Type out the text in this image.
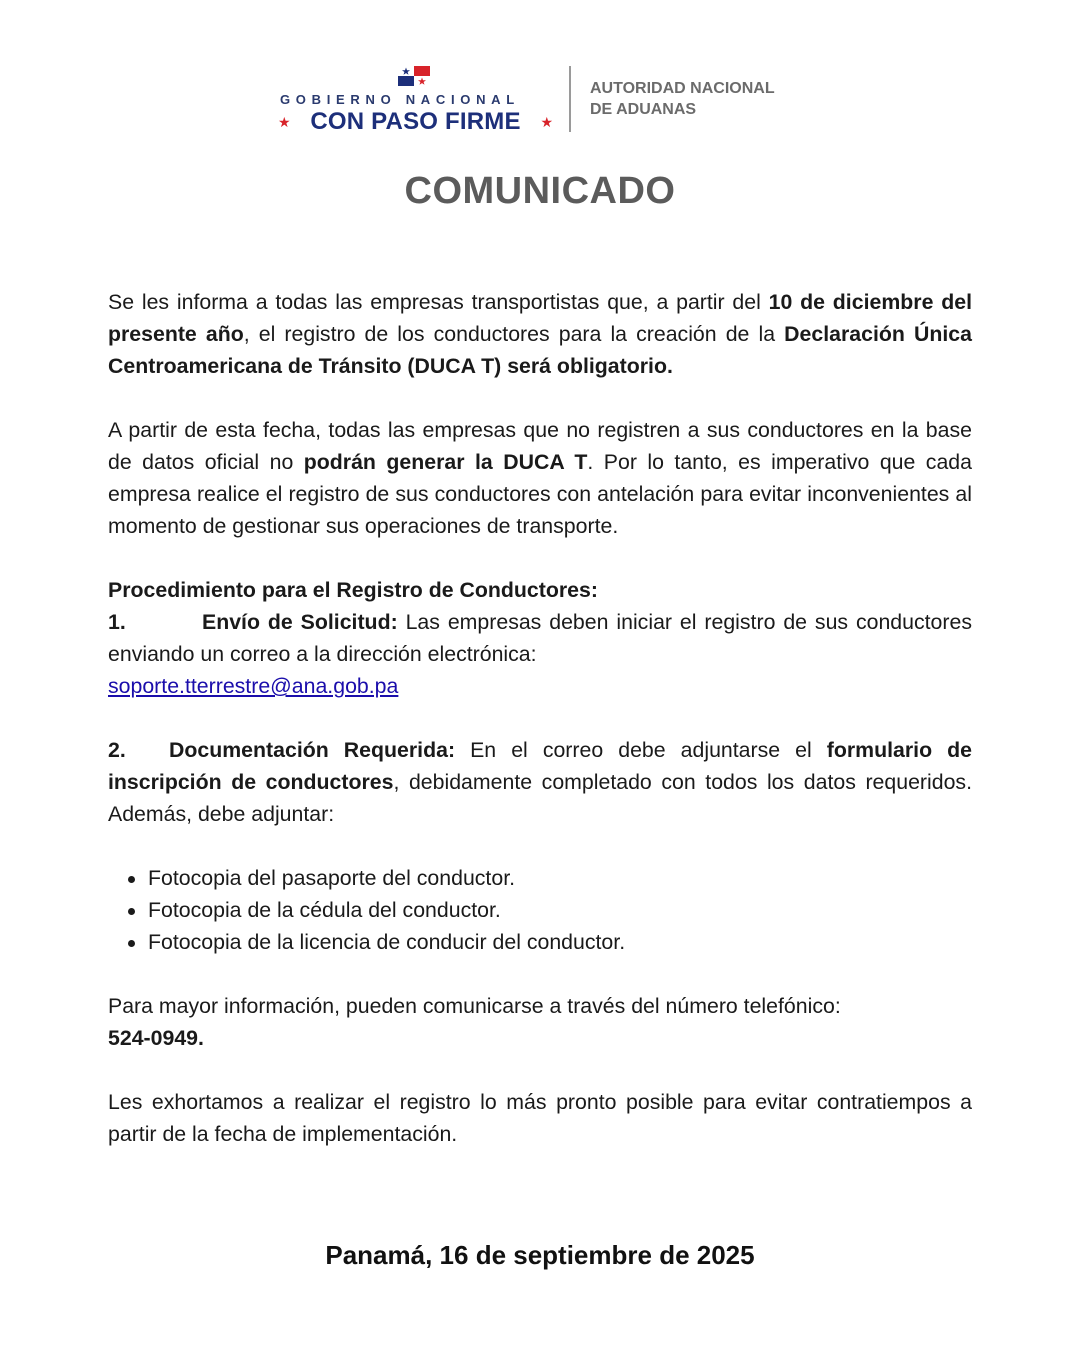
GOBIERNO NACIONAL
★ CON PASO FIRME ★
AUTORIDAD NACIONAL
DE ADUANAS
COMUNICADO

Se les informa a todas las empresas transportistas que, a partir del 10 de diciembre del presente año, el registro de los conductores para la creación de la Declaración Única Centroamericana de Tránsito (DUCA T) será obligatorio.

A partir de esta fecha, todas las empresas que no registren a sus conductores en la base de datos oficial no podrán generar la DUCA T. Por lo tanto, es imperativo que cada empresa realice el registro de sus conductores con antelación para evitar inconvenientes al momento de gestionar sus operaciones de transporte.

Procedimiento para el Registro de Conductores:

1.	Envío de Solicitud: Las empresas deben iniciar el registro de sus conductores enviando un correo a la dirección electrónica:

soporte.tterrestre@ana.gob.pa

2. Documentación Requerida: En el correo debe adjuntarse el formulario de inscripción de conductores, debidamente completado con todos los datos requeridos. Además, debe adjuntar:

Fotocopia del pasaporte del conductor.
Fotocopia de la cédula del conductor.
Fotocopia de la licencia de conducir del conductor.

Para mayor información, pueden comunicarse a través del número telefónico:

524-0949.

Les exhortamos a realizar el registro lo más pronto posible para evitar contratiempos a partir de la fecha de implementación.

Panamá, 16 de septiembre de 2025
